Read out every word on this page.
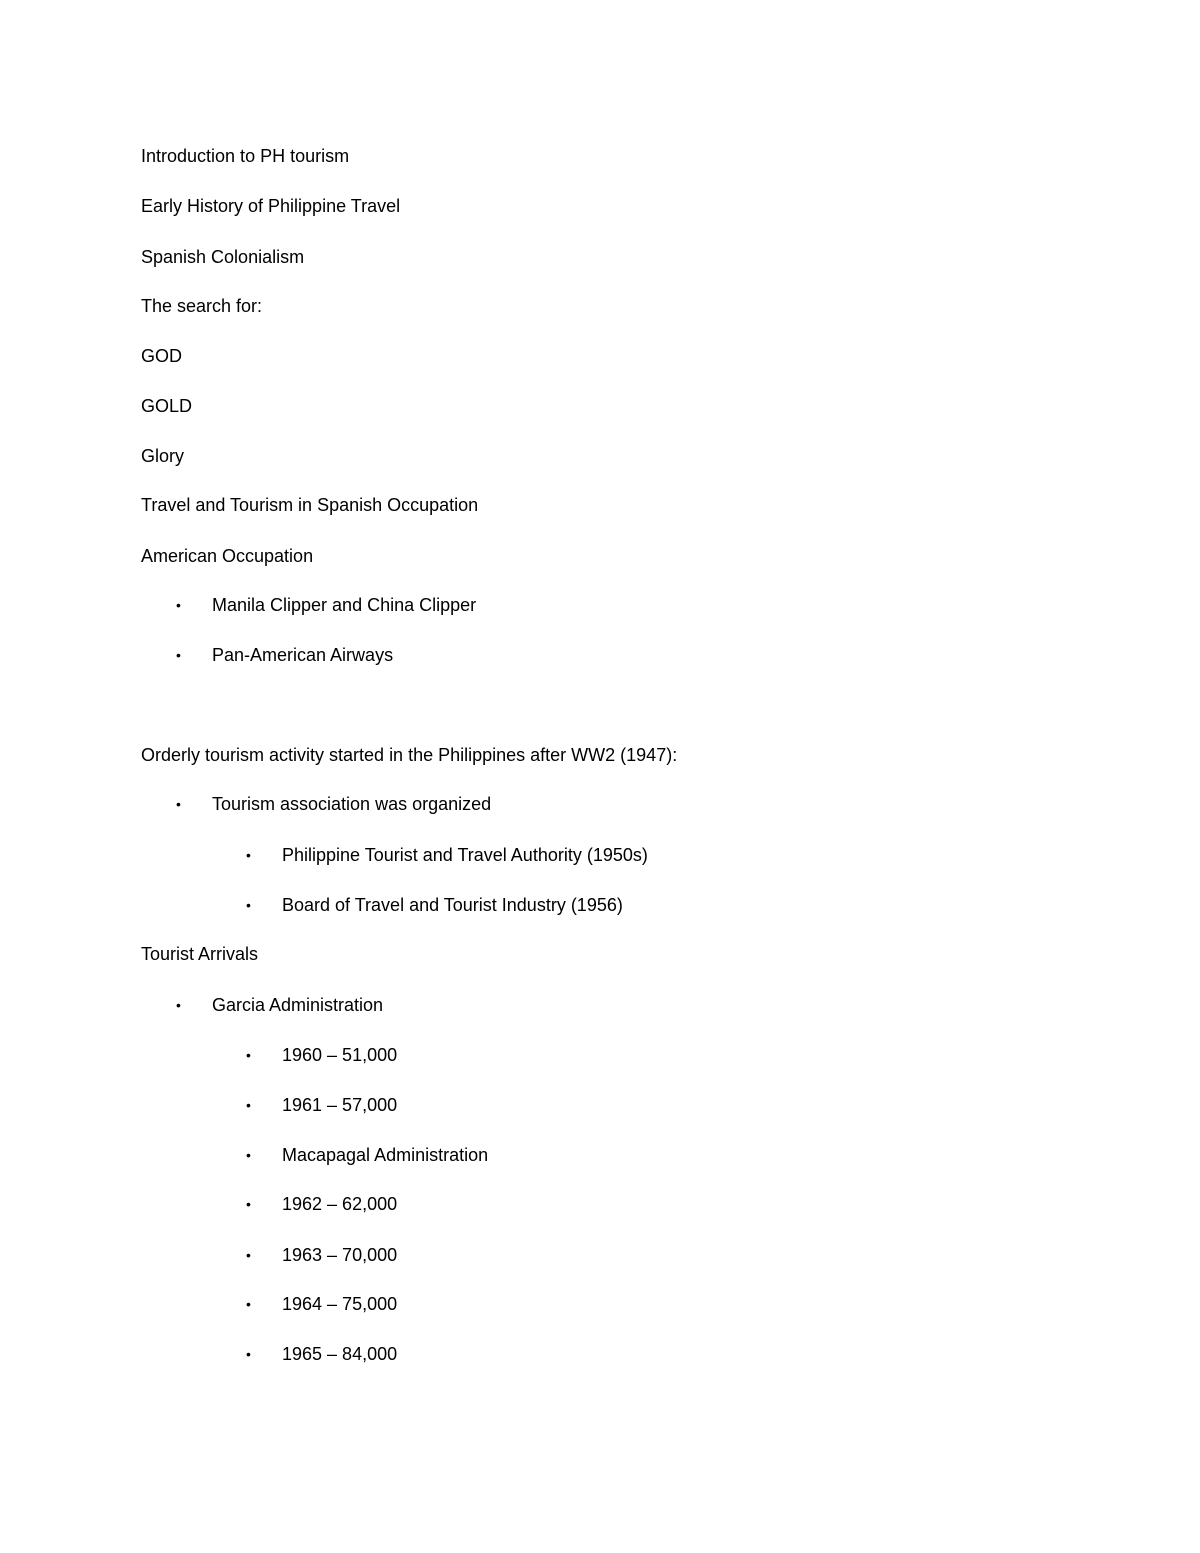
Introduction to PH tourism
Early History of Philippine Travel
Spanish Colonialism
The search for:
GOD
GOLD
Glory
Travel and Tourism in Spanish Occupation
American Occupation
• Manila Clipper and China Clipper
• Pan-American Airways
Orderly tourism activity started in the Philippines after WW2 (1947):
• Tourism association was organized
• Philippine Tourist and Travel Authority (1950s)
• Board of Travel and Tourist Industry (1956)
Tourist Arrivals
• Garcia Administration
• 1960 – 51,000
• 1961 – 57,000
• Macapagal Administration
• 1962 – 62,000
• 1963 – 70,000
• 1964 – 75,000
• 1965 – 84,000
